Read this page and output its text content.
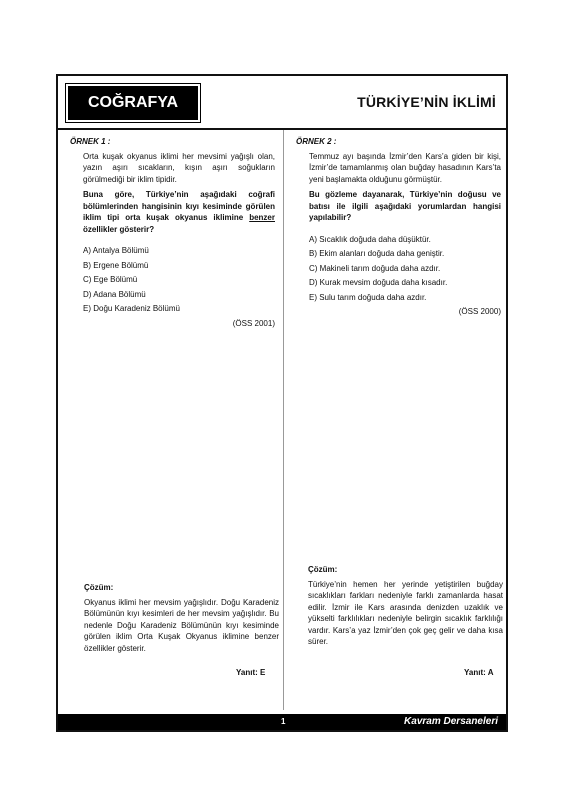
COĞRAFYA	TÜRKİYE’NİN İKLİMİ
ÖRNEK 1 :

Orta kuşak okyanus iklimi her mevsimi yağışlı olan, yazın aşırı sıcakların, kışın aşırı soğukların görülmediği bir iklim tipidir.

Buna göre, Türkiye’nin aşağıdaki coğrafi bölümlerinden hangisinin kıyı kesiminde görülen iklim tipi orta kuşak okyanus iklimine benzer özellikler gösterir?

A) Antalya Bölümü
B) Ergene Bölümü
C) Ege Bölümü
D) Adana Bölümü
E) Doğu Karadeniz Bölümü
(ÖSS 2001)
ÖRNEK 2 :

Temmuz ayı başında İzmir’den Kars’a giden bir kişi, İzmir’de tamamlanmış olan buğday hasadının Kars’ta yeni başlamakta olduğunu görmüştür.

Bu gözleme dayanarak, Türkiye’nin doğusu ve batısı ile ilgili aşağıdaki yorumlardan hangisi yapılabilir?

A) Sıcaklık doğuda daha düşüktür.
B) Ekim alanları doğuda daha geniştir.
C) Makineli tarım doğuda daha azdır.
D) Kurak mevsim doğuda daha kısadır.
E) Sulu tarım doğuda daha azdır.
(ÖSS 2000)
Çözüm:
Okyanus iklimi her mevsim yağışlıdır. Doğu Karadeniz Bölümünün kıyı kesimleri de her mevsim yağışlıdır. Bu nedenle Doğu Karadeniz Bölümünün kıyı kesiminde görülen iklim Orta Kuşak Okyanus iklimine benzer özellikler gösterir.
Yanıt: E
Çözüm:
Türkiye’nin hemen her yerinde yetiştirilen buğday sıcaklıkları farkları nedeniyle farklı zamanlarda hasat edilir. İzmir ile Kars arasında denizden uzaklık ve yükselti farklılıkları nedeniyle belirgin sıcaklık farklılığı vardır. Kars’a yaz İzmir’den çok geç gelir ve daha kısa sürer.
Yanıt: A
1	Kavram Dersaneleri
